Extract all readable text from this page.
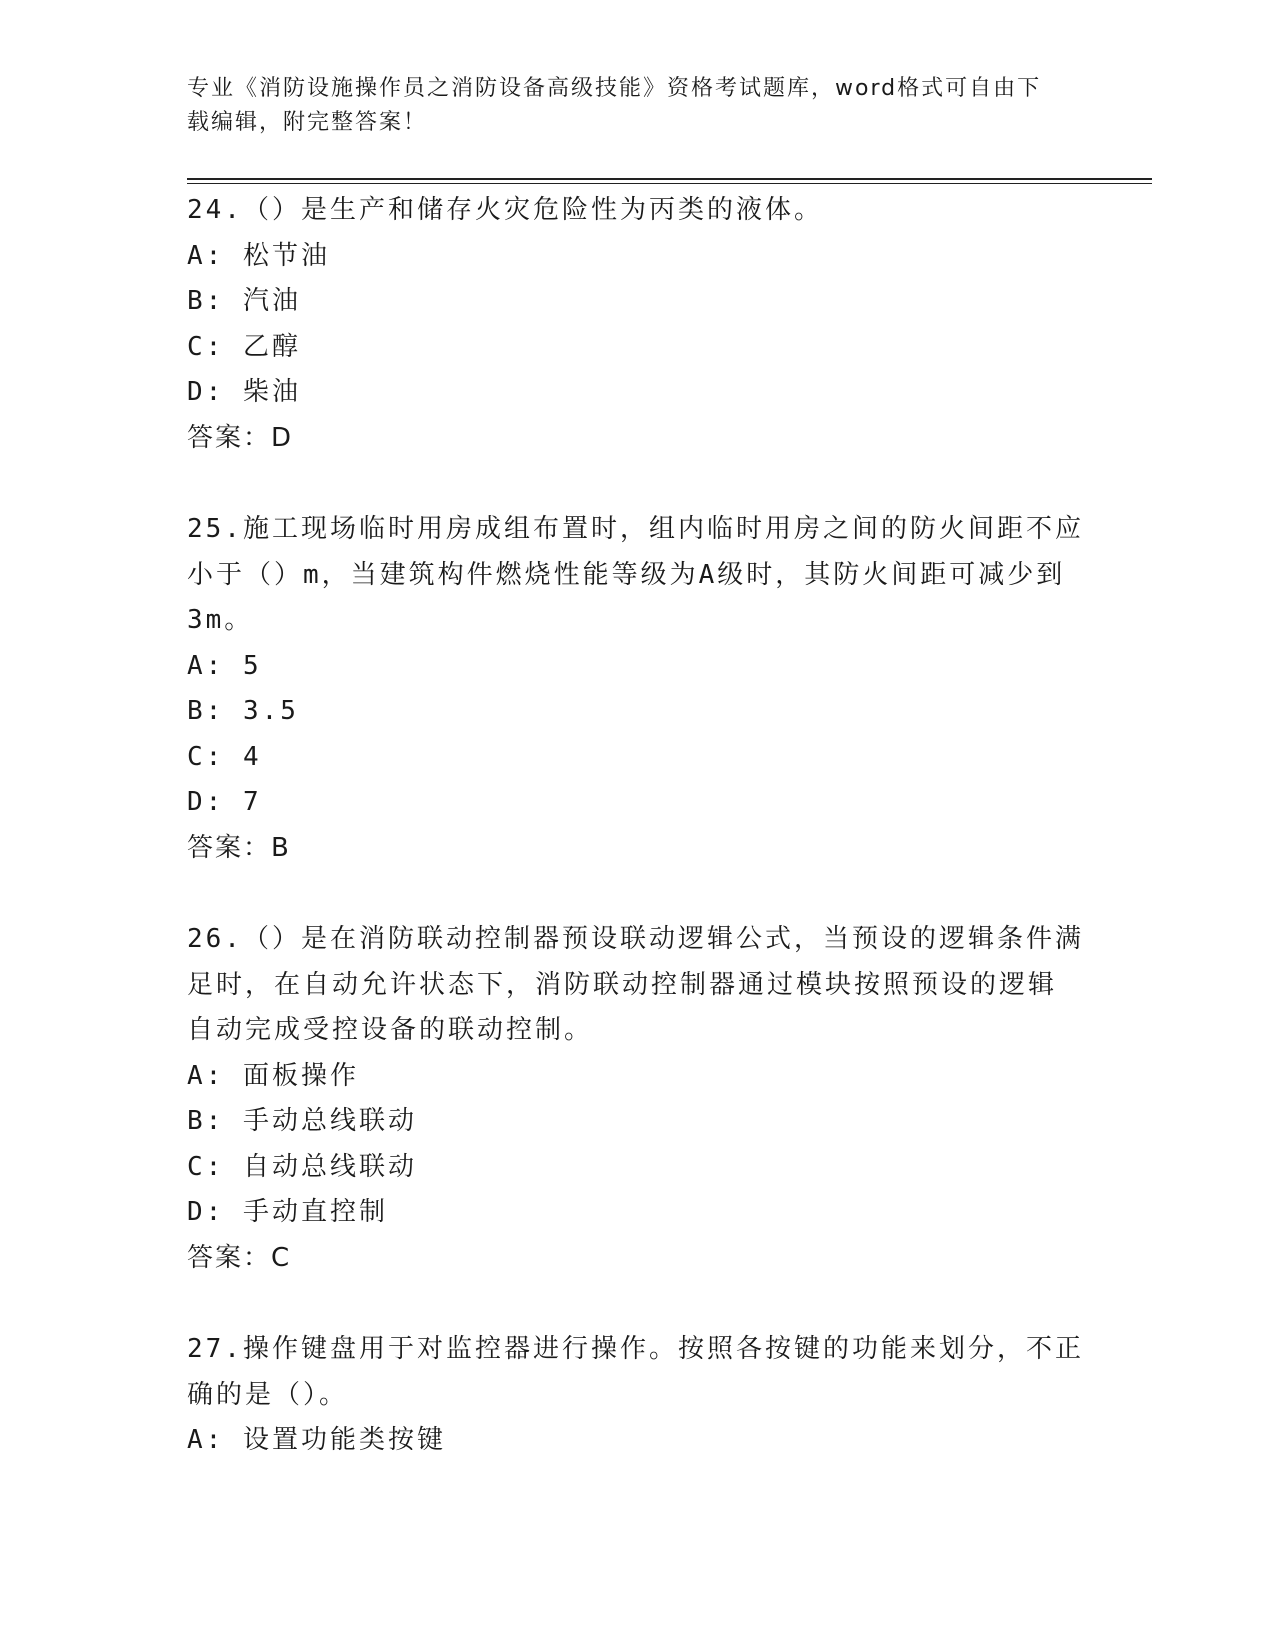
专业《消防设施操作员之消防设备高级技能》资格考试题库，word格式可自由下
载编辑，附完整答案！
24.（）是生产和储存火灾危险性为丙类的液体。
A: 松节油
B: 汽油
C: 乙醇
D: 柴油
答案：D
25.施工现场临时用房成组布置时，组内临时用房之间的防火间距不应
小于（）m，当建筑构件燃烧性能等级为A级时，其防火间距可减少到
3m。
A: 5
B: 3.5
C: 4
D: 7
答案：B
26.（）是在消防联动控制器预设联动逻辑公式，当预设的逻辑条件满
足时，在自动允许状态下，消防联动控制器通过模块按照预设的逻辑
自动完成受控设备的联动控制。
A: 面板操作
B: 手动总线联动
C: 自动总线联动
D: 手动直控制
答案：C
27.操作键盘用于对监控器进行操作。按照各按键的功能来划分，不正
确的是（）。
A: 设置功能类按键
